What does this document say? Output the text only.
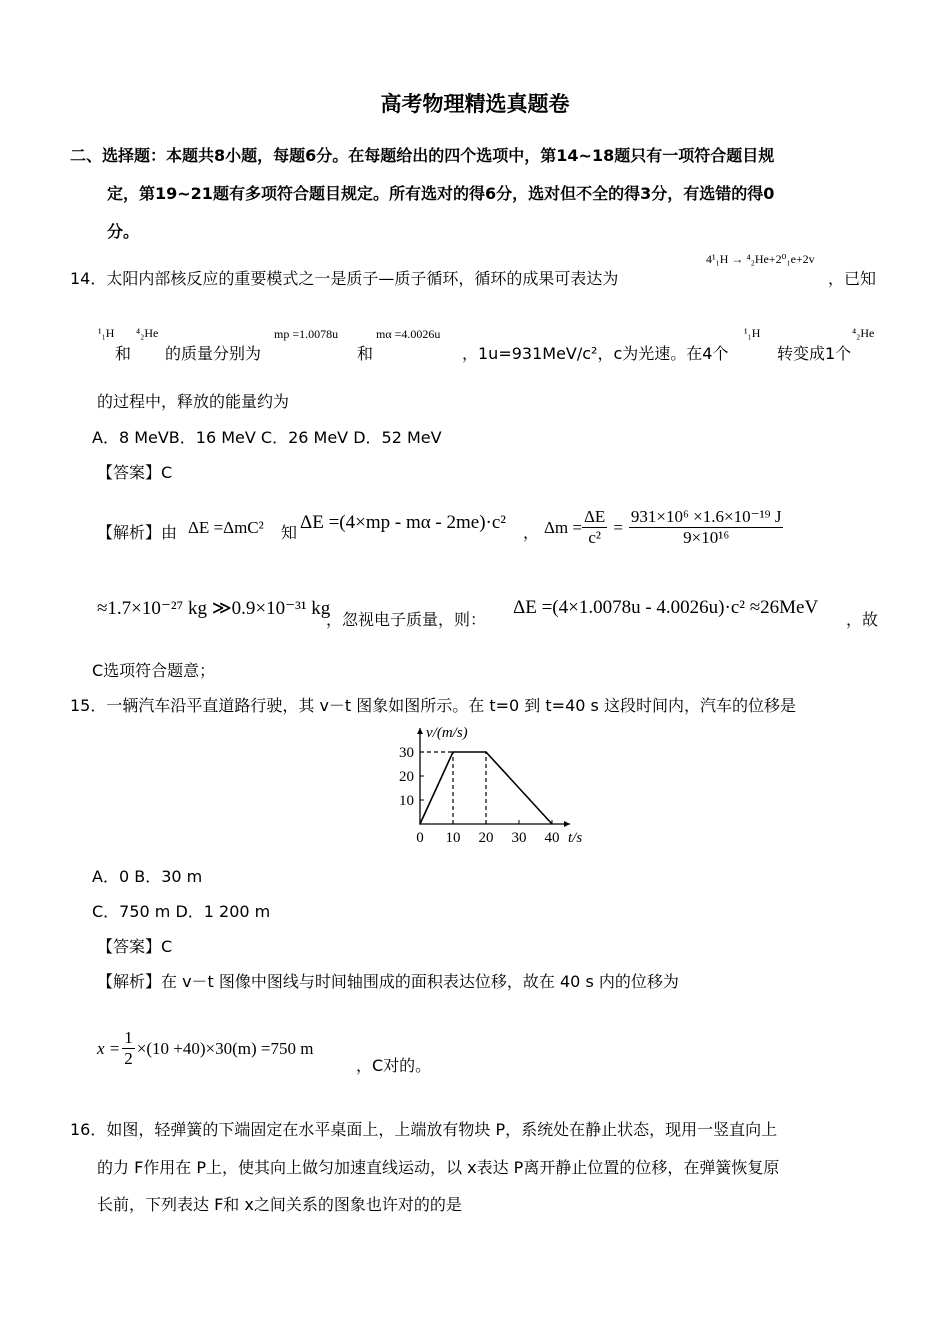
高考物理精选真题卷
二、选择题：本题共8小题，每题6分。在每题给出的四个选项中，第14~18题只有一项符合题目规
定，第19~21题有多项符合题目规定。所有选对的得6分，选对但不全的得3分，有选错的得0
分。
14．太阳内部核反应的重要模式之一是质子—质子循环，循环的成果可表达为
4¹₁H → ⁴₂He+2⁰₁e+2v
，已知
¹₁H
和
⁴₂He
的质量分别为
mp =1.0078u
和
mα =4.0026u
，1u=931MeV/c²，c为光速。在4个
¹₁H
转变成1个
⁴₂He
的过程中，释放的能量约为
A．8 MeVB．16 MeV C．26 MeV D．52 MeV
【答案】C
【解析】由 ΔE =ΔmC² 知 ΔE =(4×mp - mα - 2me)·c² ， $\Delta m = \frac{\Delta E}{\text{c²}} = \frac{\text{931×10⁶ ×1.6×10⁻¹⁹ J}}{\text{9×10¹⁶}}$
≈1.7×10⁻²⁷ kg ≫0.9×10⁻³¹ kg
，忽视电子质量，则：
ΔE =(4×1.0078u - 4.0026u)·c² ≈26MeV
，故
C选项符合题意；
15．一辆汽车沿平直道路行驶，其 v－t 图象如图所示。在 t=0 到 t=40 s 这段时间内，汽车的位移是
10
20
30
0 10 20 30 40
v/(m/s)
t/s
A．0 B．30 m
C．750 m D．1 200 m
【答案】C
【解析】在 v－t 图像中图线与时间轴围成的面积表达位移，故在 40 s 内的位移为
$x = \frac{1}{2} \times(10 +40)\times 30(m) =750$ m
，C对的。
16．如图，轻弹簧的下端固定在水平桌面上，上端放有物块 P，系统处在静止状态，现用一竖直向上
的力 F作用在 P上，使其向上做匀加速直线运动，以 x表达 P离开静止位置的位移，在弹簧恢复原
长前，下列表达 F和 x之间关系的图象也许对的的是
